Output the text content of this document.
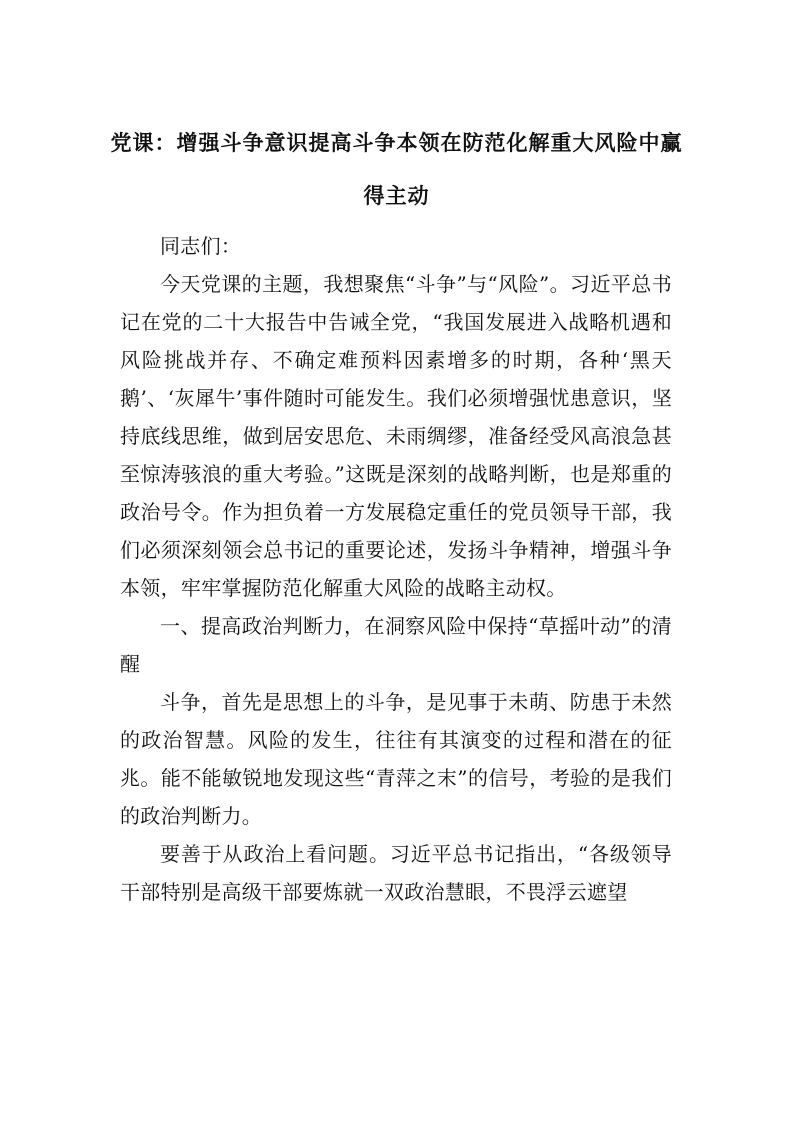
党课：增强斗争意识提高斗争本领在防范化解重大风险中赢
得主动

同志们：

今天党课的主题，我想聚焦“斗争”与“风险”。习近平总书记在党的二十大报告中告诫全党，“我国发展进入战略机遇和风险挑战并存、不确定难预料因素增多的时期，各种‘黑天鹅’、‘灰犀牛’事件随时可能发生。我们必须增强忧患意识，坚持底线思维，做到居安思危、未雨绸缪，准备经受风高浪急甚至惊涛骇浪的重大考验。”这既是深刻的战略判断，也是郑重的政治号令。作为担负着一方发展稳定重任的党员领导干部，我们必须深刻领会总书记的重要论述，发扬斗争精神，增强斗争本领，牢牢掌握防范化解重大风险的战略主动权。

一、提高政治判断力，在洞察风险中保持“草摇叶动”的清醒

斗争，首先是思想上的斗争，是见事于未萌、防患于未然的政治智慧。风险的发生，往往有其演变的过程和潜在的征兆。能不能敏锐地发现这些“青萍之末”的信号，考验的是我们的政治判断力。

要善于从政治上看问题。习近平总书记指出，“各级领导干部特别是高级干部要炼就一双政治慧眼，不畏浮云遮望
